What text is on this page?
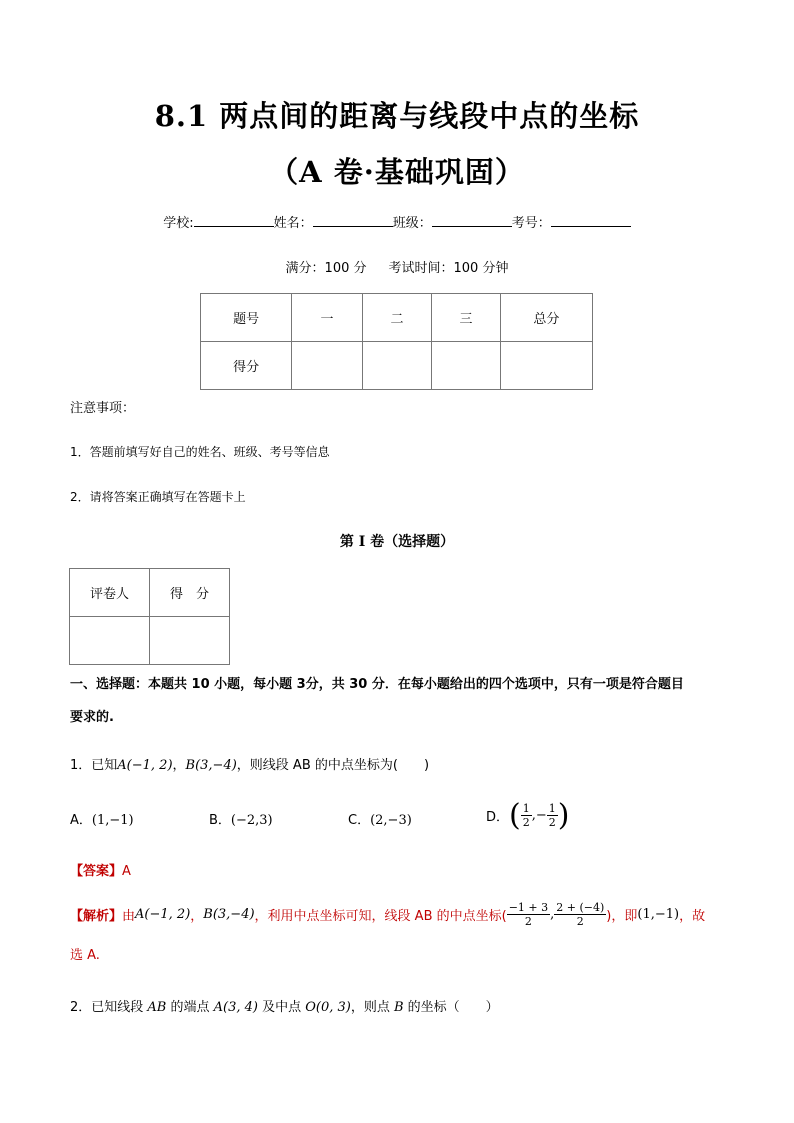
8.1 两点间的距离与线段中点的坐标
（A 卷·基础巩固）
学校:	姓名：	班级：	考号：
满分：100 分 考试时间：100 分钟
题号	一	二	三	总分
得分				
注意事项：
1．答题前填写好自己的姓名、班级、考号等信息
2．请将答案正确填写在答题卡上
第 I 卷（选择题）
评卷人	得　分

一、选择题：本题共 10 小题，每小题 3分，共 30 分．在每小题给出的四个选项中，只有一项是符合题目
要求的.
1．已知A(−1, 2)，B(3,−4)，则线段 AB 的中点坐标为(　　)
A．(1,−1)	B．(−2,3)	C．(2,−3)	D．( $\frac{1}{2}$ ,− $\frac{1}{2}$ )
【答案】A
【解析】由A(−1, 2)，B(3,−4)，利用中点坐标可知，线段 AB 的中点坐标( $\frac{-1 + 3}{2}$ , $\frac{2 + (-4)}{2}$ )，即(1,−1)，故
选 A.
2．已知线段 AB 的端点 A(3, 4) 及中点 O(0, 3)，则点 B 的坐标（　　）
